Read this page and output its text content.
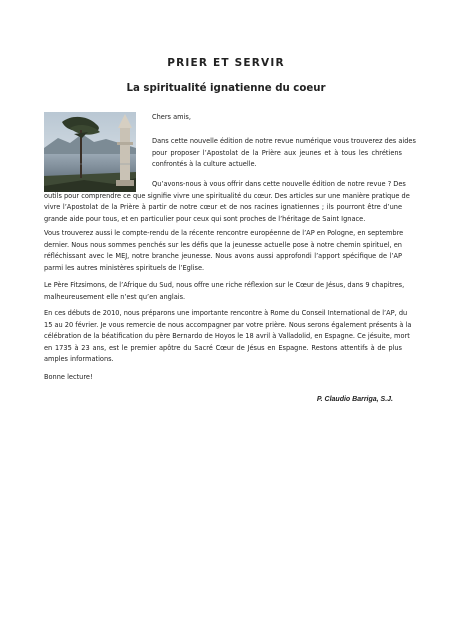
PRIER ET SERVIR
La spiritualité ignatienne du coeur

Chers amis,

Dans cette nouvelle édition de notre revue numérique vous trouverez des aides
pour proposer l’Apostolat de la Prière aux jeunes et à tous les chrétiens
confrontés à la culture actuelle.

Qu’avons-nous à vous offrir dans cette nouvelle édition de notre revue ? Des
outils pour comprendre ce que signifie vivre une spiritualité du cœur. Des articles sur une manière pratique de
vivre l’Apostolat de la Prière à partir de notre cœur et de nos racines ignatiennes ; ils pourront être d’une
grande aide pour tous, et en particulier pour ceux qui sont proches de l’héritage de Saint Ignace.

Vous trouverez aussi le compte-rendu de la récente rencontre européenne de l’AP en Pologne, en septembre
dernier. Nous nous sommes penchés sur les défis que la jeunesse actuelle pose à notre chemin spirituel, en
réfléchissant avec le MEJ, notre branche jeunesse. Nous avons aussi approfondi l’apport spécifique de l’AP
parmi les autres ministères spirituels de l’Eglise.

Le Père Fitzsimons, de l’Afrique du Sud, nous offre une riche réflexion sur le Cœur de Jésus, dans 9 chapitres,
malheureusement elle n’est qu’en anglais.

En ces débuts de 2010, nous préparons une importante rencontre à Rome du Conseil International de l’AP, du
15 au 20 février. Je vous remercie de nous accompagner par votre prière. Nous serons également présents à la
célébration de la béatification du père Bernardo de Hoyos le 18 avril à Valladolid, en Espagne. Ce jésuite, mort
en 1735 à 23 ans, est le premier apôtre du Sacré Cœur de Jésus en Espagne. Restons attentifs à de plus
amples informations.

Bonne lecture!

P. Claudio Barriga, S.J.
